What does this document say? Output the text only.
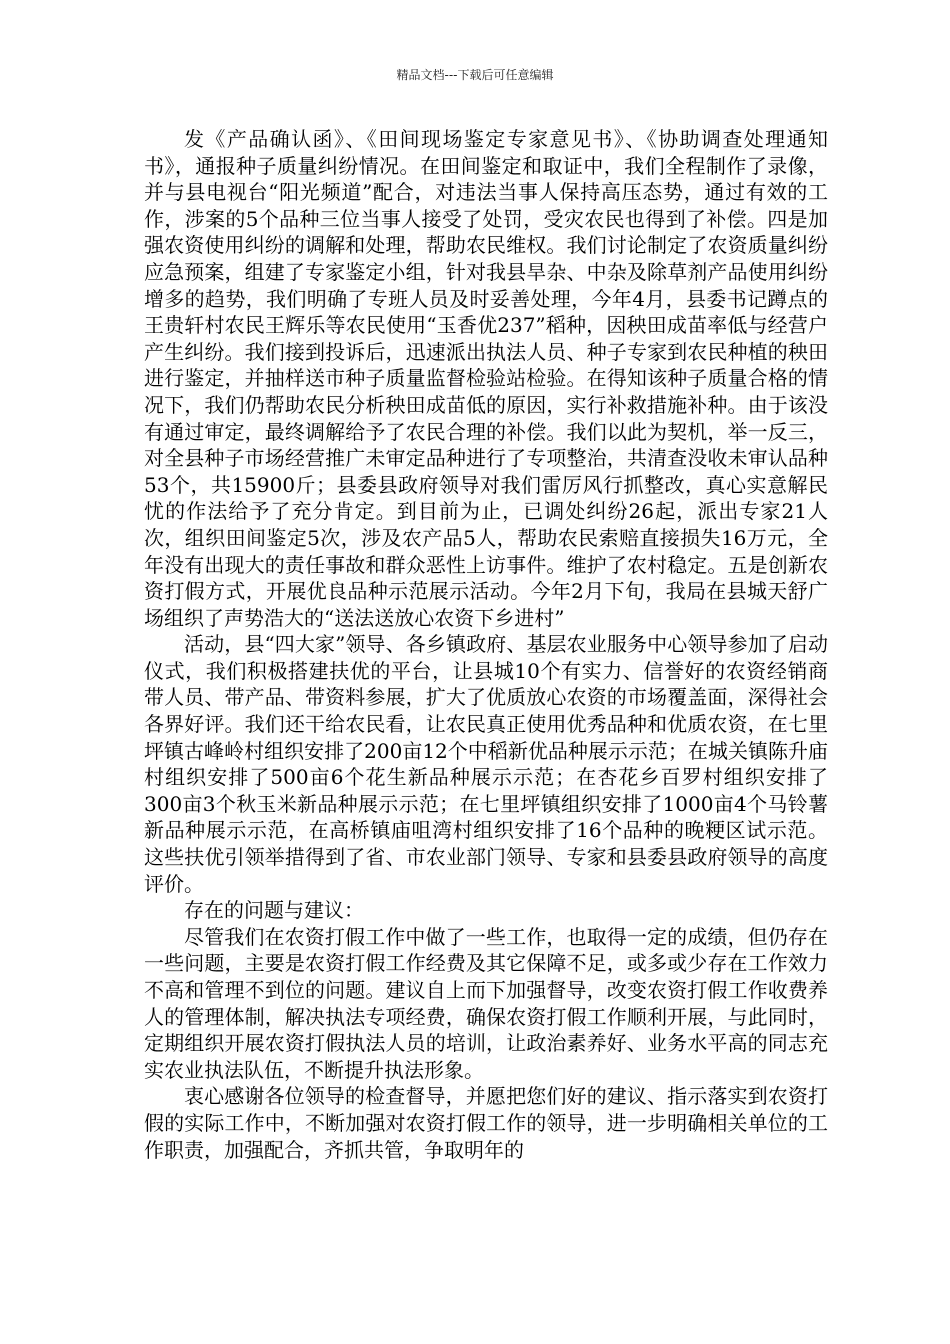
精品文档---下载后可任意编辑

发《产品确认函》、《田间现场鉴定专家意见书》、《协助调查处理通知书》，通报种子质量纠纷情况。在田间鉴定和取证中，我们全程制作了录像，并与县电视台“阳光频道”配合，对违法当事人保持高压态势，通过有效的工作，涉案的5个品种三位当事人接受了处罚，受灾农民也得到了补偿。四是加强农资使用纠纷的调解和处理，帮助农民维权。我们讨论制定了农资质量纠纷应急预案，组建了专家鉴定小组，针对我县旱杂、中杂及除草剂产品使用纠纷增多的趋势，我们明确了专班人员及时妥善处理，今年4月，县委书记蹲点的王贵轩村农民王辉乐等农民使用“玉香优237”稻种，因秧田成苗率低与经营户产生纠纷。我们接到投诉后，迅速派出执法人员、种子专家到农民种植的秧田进行鉴定，并抽样送市种子质量监督检验站检验。在得知该种子质量合格的情况下，我们仍帮助农民分析秧田成苗低的原因，实行补救措施补种。由于该没有通过审定，最终调解给予了农民合理的补偿。我们以此为契机，举一反三，对全县种子市场经营推广未审定品种进行了专项整治，共清查没收未审认品种53个，共15900斤；县委县政府领导对我们雷厉风行抓整改，真心实意解民忧的作法给予了充分肯定。到目前为止，已调处纠纷26起，派出专家21人次，组织田间鉴定5次，涉及农产品5人，帮助农民索赔直接损失16万元，全年没有出现大的责任事故和群众恶性上访事件。维护了农村稳定。五是创新农资打假方式，开展优良品种示范展示活动。今年2月下旬，我局在县城天舒广场组织了声势浩大的“送法送放心农资下乡进村”

活动，县“四大家”领导、各乡镇政府、基层农业服务中心领导参加了启动仪式，我们积极搭建扶优的平台，让县城10个有实力、信誉好的农资经销商带人员、带产品、带资料参展，扩大了优质放心农资的市场覆盖面，深得社会各界好评。我们还干给农民看，让农民真正使用优秀品种和优质农资，在七里坪镇古峰岭村组织安排了200亩12个中稻新优品种展示示范；在城关镇陈升庙村组织安排了500亩6个花生新品种展示示范；在杏花乡百罗村组织安排了300亩3个秋玉米新品种展示示范；在七里坪镇组织安排了1000亩4个马铃薯新品种展示示范，在高桥镇庙咀湾村组织安排了16个品种的晚粳区试示范。这些扶优引领举措得到了省、市农业部门领导、专家和县委县政府领导的高度评价。

存在的问题与建议：

尽管我们在农资打假工作中做了一些工作，也取得一定的成绩，但仍存在一些问题，主要是农资打假工作经费及其它保障不足，或多或少存在工作效力不高和管理不到位的问题。建议自上而下加强督导，改变农资打假工作收费养人的管理体制，解决执法专项经费，确保农资打假工作顺利开展，与此同时，定期组织开展农资打假执法人员的培训，让政治素养好、业务水平高的同志充实农业执法队伍，不断提升执法形象。

衷心感谢各位领导的检查督导，并愿把您们好的建议、指示落实到农资打假的实际工作中，不断加强对农资打假工作的领导，进一步明确相关单位的工作职责，加强配合，齐抓共管，争取明年的
